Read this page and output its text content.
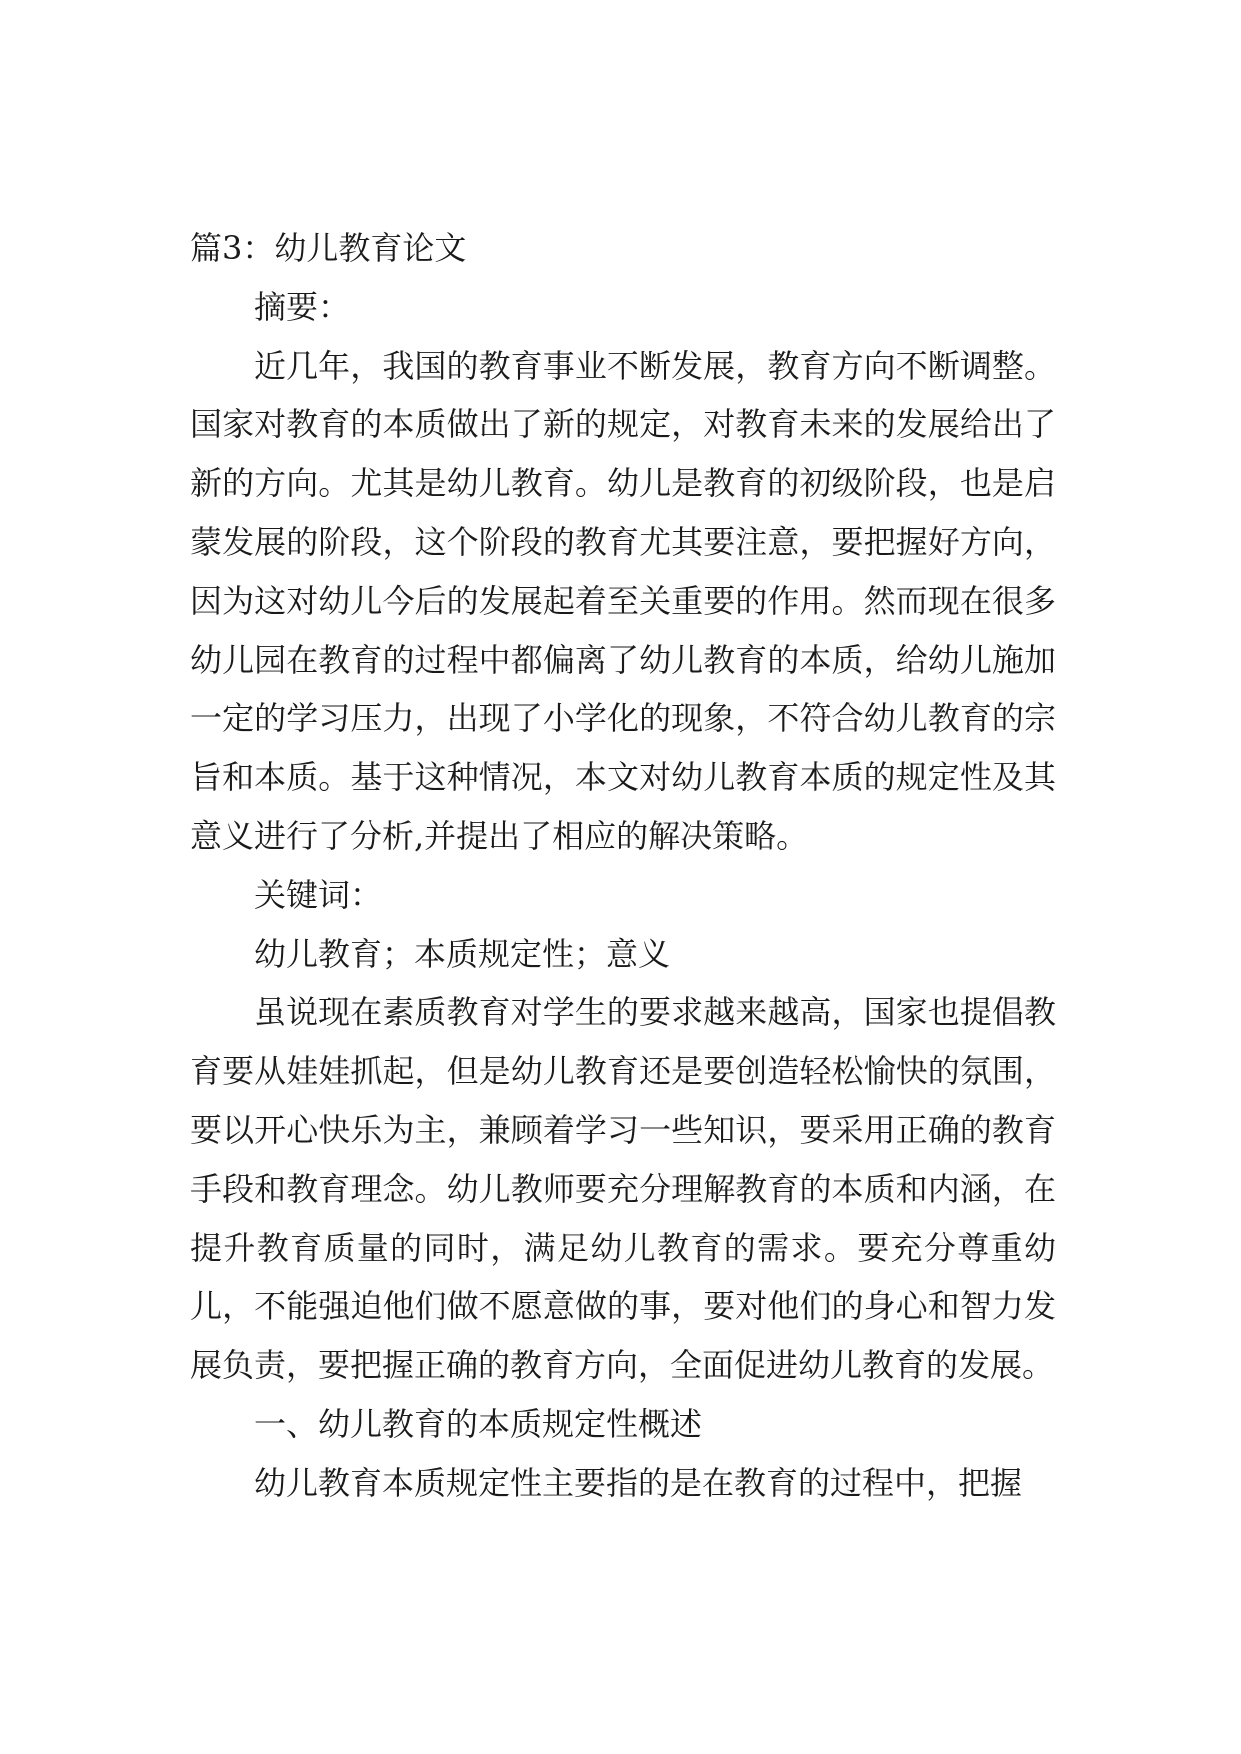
篇3：幼儿教育论文

摘要：

近几年，我国的教育事业不断发展，教育方向不断调整。国家对教育的本质做出了新的规定，对教育未来的发展给出了新的方向。尤其是幼儿教育。幼儿是教育的初级阶段，也是启蒙发展的阶段，这个阶段的教育尤其要注意，要把握好方向，因为这对幼儿今后的发展起着至关重要的作用。然而现在很多幼儿园在教育的过程中都偏离了幼儿教育的本质，给幼儿施加一定的学习压力，出现了小学化的现象，不符合幼儿教育的宗旨和本质。基于这种情况，本文对幼儿教育本质的规定性及其意义进行了分析,并提出了相应的解决策略。

关键词：

幼儿教育；本质规定性；意义

虽说现在素质教育对学生的要求越来越高，国家也提倡教育要从娃娃抓起，但是幼儿教育还是要创造轻松愉快的氛围，要以开心快乐为主，兼顾着学习一些知识，要采用正确的教育手段和教育理念。幼儿教师要充分理解教育的本质和内涵，在提升教育质量的同时，满足幼儿教育的需求。要充分尊重幼儿，不能强迫他们做不愿意做的事，要对他们的身心和智力发展负责，要把握正确的教育方向，全面促进幼儿教育的发展。

一、幼儿教育的本质规定性概述

幼儿教育本质规定性主要指的是在教育的过程中，把握
